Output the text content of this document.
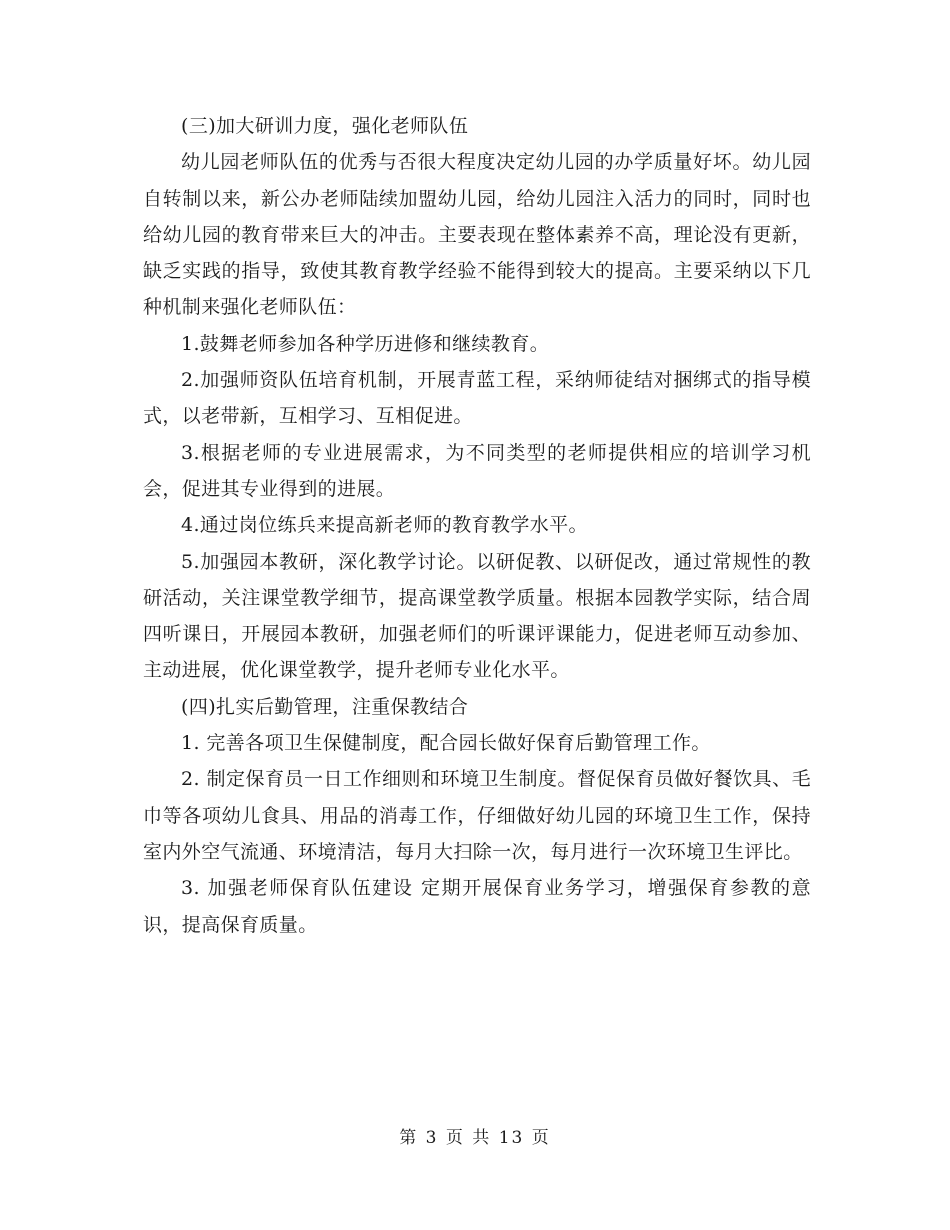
(三)加大研训力度，强化老师队伍

幼儿园老师队伍的优秀与否很大程度决定幼儿园的办学质量好坏。幼儿园自转制以来，新公办老师陆续加盟幼儿园，给幼儿园注入活力的同时，同时也给幼儿园的教育带来巨大的冲击。主要表现在整体素养不高，理论没有更新，缺乏实践的指导，致使其教育教学经验不能得到较大的提高。主要采纳以下几种机制来强化老师队伍：

1.鼓舞老师参加各种学历进修和继续教育。

2.加强师资队伍培育机制，开展青蓝工程，采纳师徒结对捆绑式的指导模式，以老带新，互相学习、互相促进。

3.根据老师的专业进展需求，为不同类型的老师提供相应的培训学习机会，促进其专业得到的进展。

4.通过岗位练兵来提高新老师的教育教学水平。

5.加强园本教研，深化教学讨论。以研促教、以研促改，通过常规性的教研活动，关注课堂教学细节，提高课堂教学质量。根据本园教学实际，结合周四听课日，开展园本教研，加强老师们的听课评课能力，促进老师互动参加、主动进展，优化课堂教学，提升老师专业化水平。

(四)扎实后勤管理，注重保教结合

1. 完善各项卫生保健制度，配合园长做好保育后勤管理工作。

2. 制定保育员一日工作细则和环境卫生制度。督促保育员做好餐饮具、毛巾等各项幼儿食具、用品的消毒工作，仔细做好幼儿园的环境卫生工作，保持室内外空气流通、环境清洁，每月大扫除一次，每月进行一次环境卫生评比。

3. 加强老师保育队伍建设 定期开展保育业务学习，增强保育参教的意识，提高保育质量。

第 3 页 共 13 页
